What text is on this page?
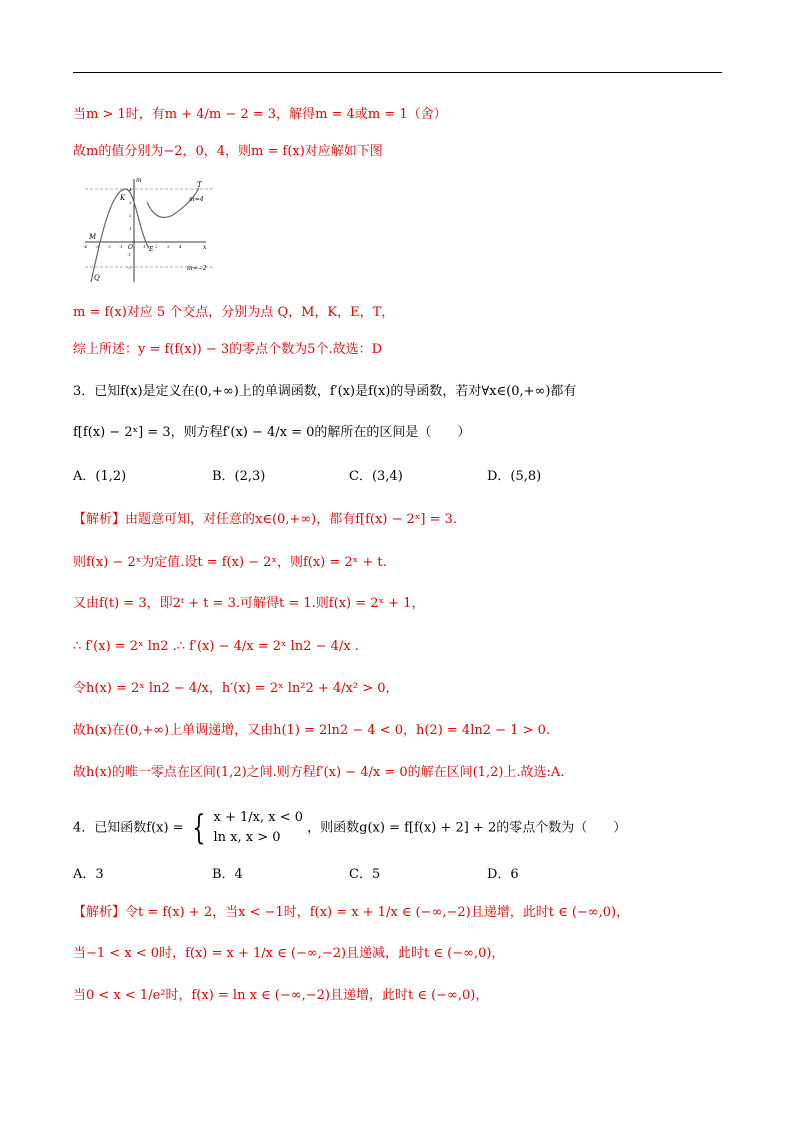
当m > 1时，有m + 4/m − 2 = 3，解得m = 4或m = 1（舍）
故m的值分别为−2，0，4，则m = f(x)对应解如下图
m
x
T
K
M
E
Q
O
m=4
m=−2
-4 -3 -2 -1	1 2 3 4
4
3
2
1
-1
-2
m = f(x)对应 5 个交点，分别为点 Q，M，K，E，T，
综上所述：y = f(f(x)) − 3的零点个数为5个.故选：D
3．已知f(x)是定义在(0,+∞)上的单调函数，f′(x)是f(x)的导函数，若对∀x∈(0,+∞)都有
f[f(x) − 2ˣ] = 3，则方程f′(x) − 4/x = 0的解所在的区间是（　　）
A．(1,2)	B．(2,3)	C．(3,4)	D．(5,8)
【解析】由题意可知，对任意的x∈(0,+∞)，都有f[f(x) − 2ˣ] = 3.
则f(x) − 2ˣ为定值.设t = f(x) − 2ˣ，则f(x) = 2ˣ + t.
又由f(t) = 3，即2ᵗ + t = 3.可解得t = 1.则f(x) = 2ˣ + 1，
∴ f′(x) = 2ˣ ln2 .∴ f′(x) − 4/x = 2ˣ ln2 − 4/x .
令h(x) = 2ˣ ln2 − 4/x，h′(x) = 2ˣ ln²2 + 4/x² > 0，
故h(x)在(0,+∞)上单调递增，又由h(1) = 2ln2 − 4 < 0，h(2) = 4ln2 − 1 > 0.
故h(x)的唯一零点在区间(1,2)之间.则方程f′(x) − 4/x = 0的解在区间(1,2)上.故选:A.
4．已知函数f(x) = { x + 1/x, x < 0
ln x, x > 0
，则函数g(x) = f[f(x) + 2] + 2的零点个数为（　　）
A．3	B．4	C．5	D．6
【解析】令t = f(x) + 2，当x < −1时，f(x) = x + 1/x ∈ (−∞,−2)且递增，此时t ∈ (−∞,0)，
当−1 < x < 0时，f(x) = x + 1/x ∈ (−∞,−2)且递减，此时t ∈ (−∞,0)，
当0 < x < 1/e²时，f(x) = ln x ∈ (−∞,−2)且递增，此时t ∈ (−∞,0)，
